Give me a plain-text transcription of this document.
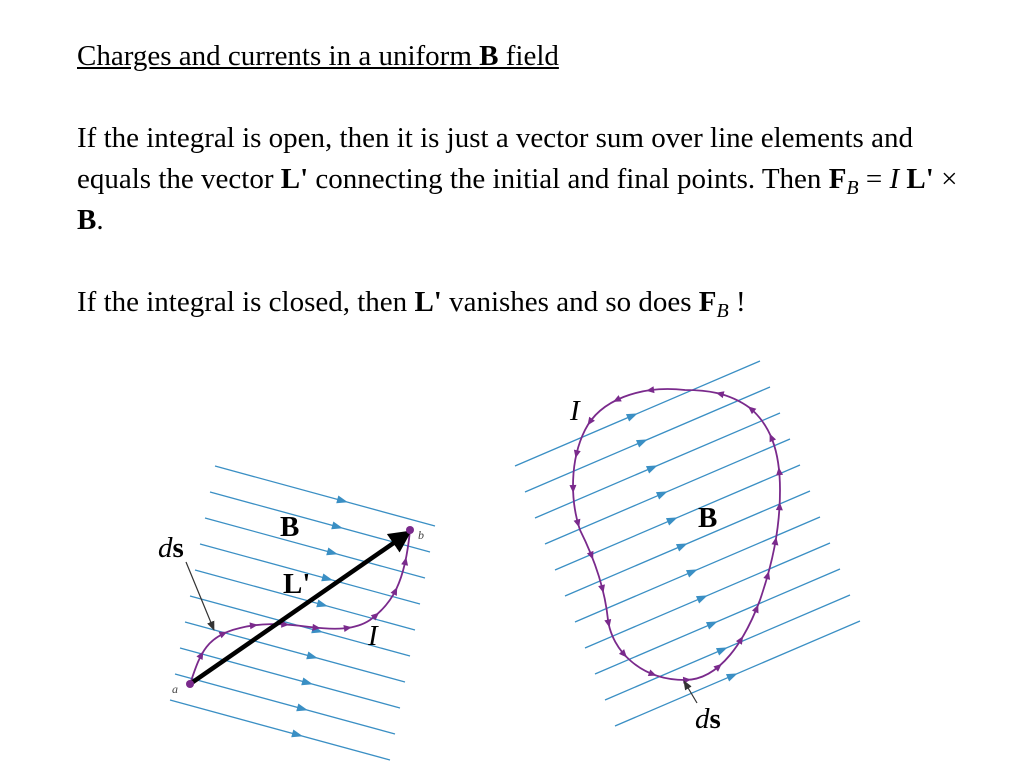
Charges and currents in a uniform B field

If the integral is open, then it is just a vector sum over line elements and equals the vector L' connecting the initial and final points. Then $F_B = I$ L' × B.

If the integral is closed, then L' vanishes and so does $F_B$ !

a
b
B
L'
I
ds
I
B
ds
